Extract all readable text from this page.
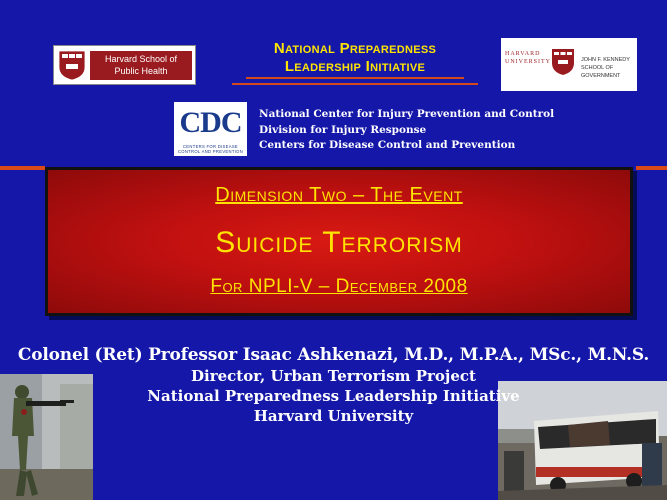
Harvard School of
Public Health
National Preparedness
Leadership Initiative
HARVARD UNIVERSITY	JOHN F. KENNEDY SCHOOL OF GOVERNMENT
CDC
CENTERS FOR DISEASE CONTROL AND PREVENTION
National Center for Injury Prevention and Control
Division for Injury Response
Centers for Disease Control and Prevention
Dimension Two – The Event
Suicide Terrorism
For NPLI-V – December 2008
Colonel (Ret) Professor Isaac Ashkenazi, M.D., M.P.A., MSc., M.N.S.
Director, Urban Terrorism Project
National Preparedness Leadership Initiative
Harvard University
